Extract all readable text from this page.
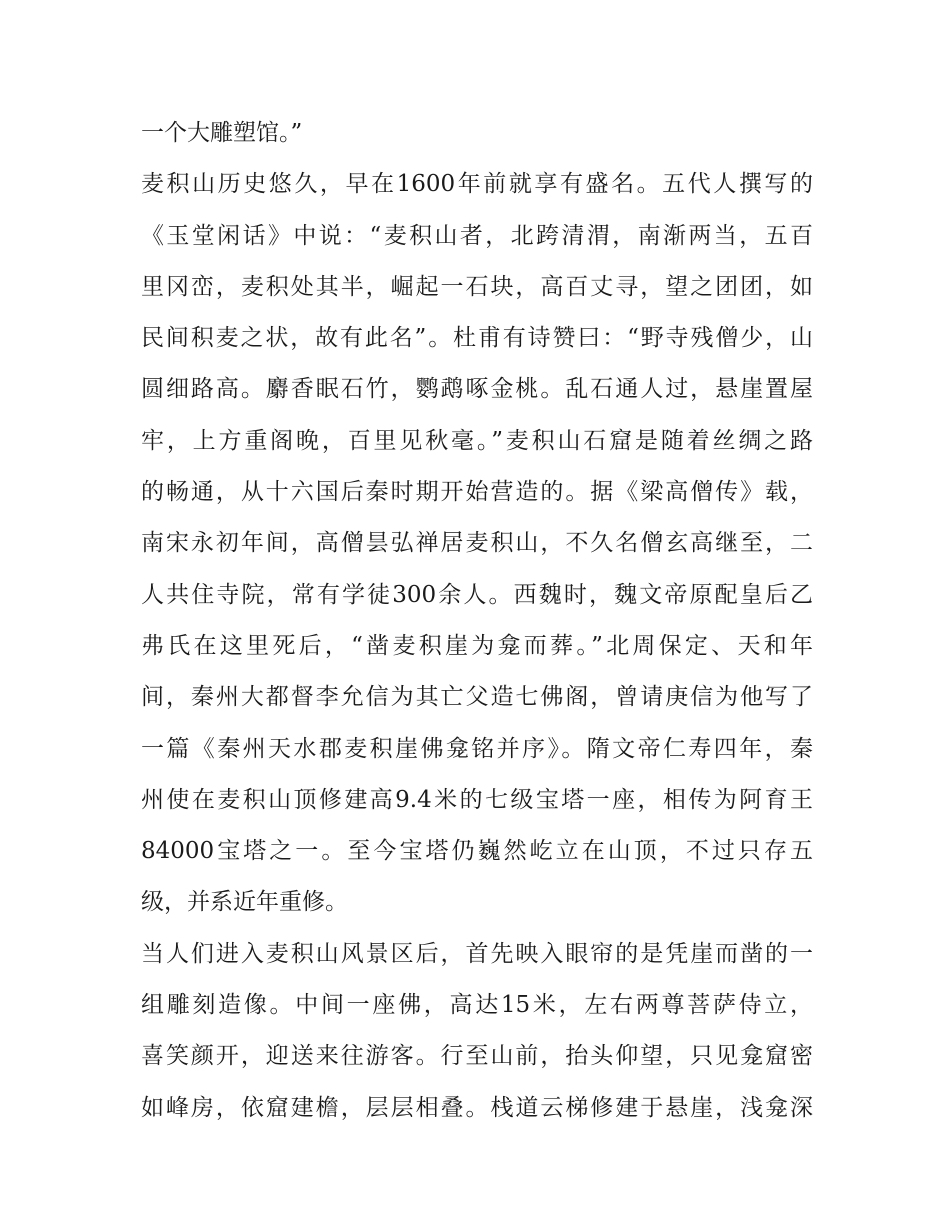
一个大雕塑馆。”
麦积山历史悠久，早在1600年前就享有盛名。五代人撰写的
《玉堂闲话》中说：“麦积山者，北跨清渭，南渐两当，五百
里冈峦，麦积处其半，崛起一石块，高百丈寻，望之团团，如
民间积麦之状，故有此名”。杜甫有诗赞曰：“野寺残僧少，山
圆细路高。麝香眠石竹，鹦鹉啄金桃。乱石通人过，悬崖置屋
牢，上方重阁晚，百里见秋毫。”麦积山石窟是随着丝绸之路
的畅通，从十六国后秦时期开始营造的。据《梁高僧传》载，
南宋永初年间，高僧昙弘禅居麦积山，不久名僧玄高继至，二
人共住寺院，常有学徒300余人。西魏时，魏文帝原配皇后乙
弗氏在这里死后，“凿麦积崖为龛而葬。”北周保定、天和年
间，秦州大都督李允信为其亡父造七佛阁，曾请庚信为他写了
一篇《秦州天水郡麦积崖佛龛铭并序》。隋文帝仁寿四年，秦
州使在麦积山顶修建高9.4米的七级宝塔一座，相传为阿育王
84000宝塔之一。至今宝塔仍巍然屹立在山顶，不过只存五
级，并系近年重修。
当人们进入麦积山风景区后，首先映入眼帘的是凭崖而凿的一
组雕刻造像。中间一座佛，高达15米，左右两尊菩萨侍立，
喜笑颜开，迎送来往游客。行至山前，抬头仰望，只见龛窟密
如峰房，依窟建檐，层层相叠。栈道云梯修建于悬崖，浅龛深
